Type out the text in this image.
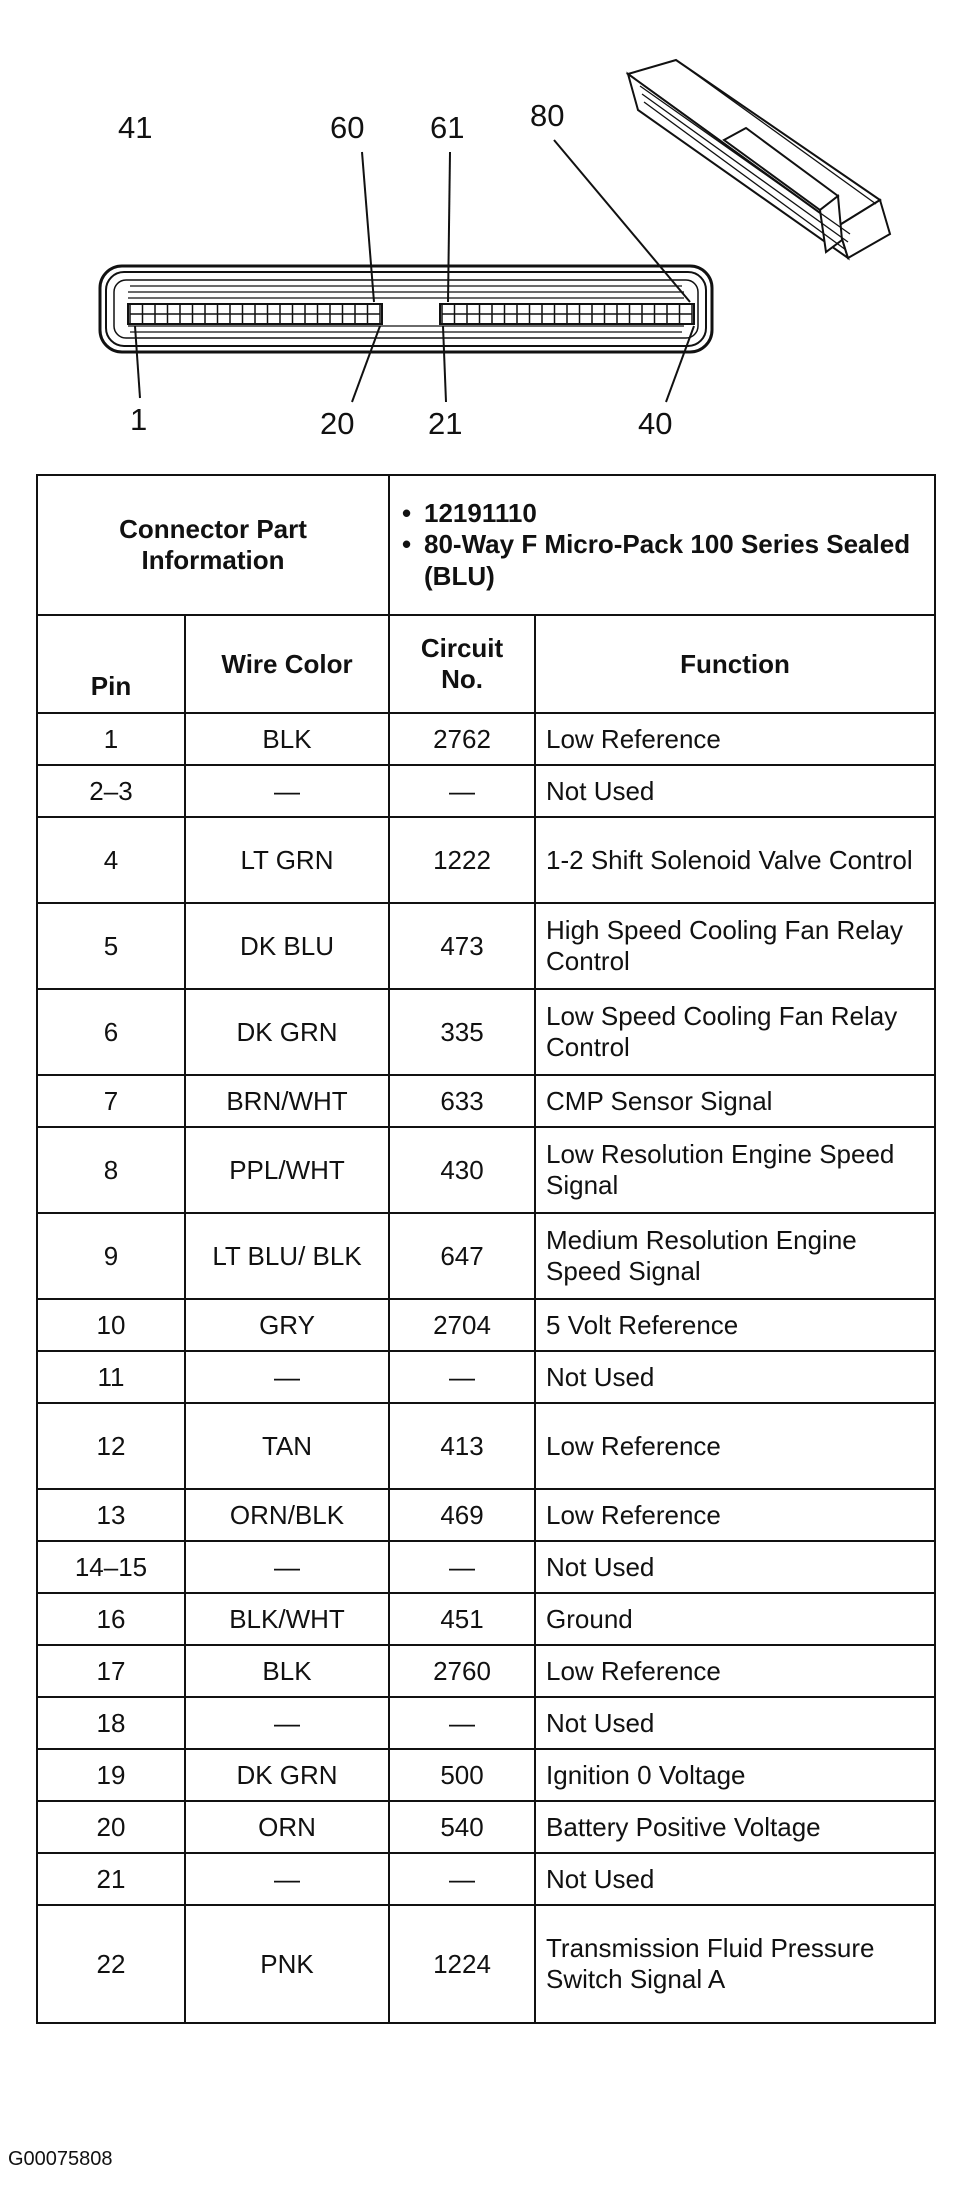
41	60 61 80
1	20 21	40
Connector Part Information		• 12191110
• 80-Way F Micro-Pack 100 Series Sealed (BLU)	

Pin	Wire Color	Circuit No.	Function
1	BLK	2762	Low Reference
2–3	—	—	Not Used
4	LT GRN	1222	1-2 Shift Solenoid Valve Control
5	DK BLU	473	High Speed Cooling Fan Relay Control
6	DK GRN	335	Low Speed Cooling Fan Relay Control
7	BRN/WHT	633	CMP Sensor Signal
8	PPL/WHT	430	Low Resolution Engine Speed Signal
9	LT BLU/ BLK	647	Medium Resolution Engine Speed Signal
10	GRY	2704	5 Volt Reference
11	—	—	Not Used
12	TAN	413	Low Reference
13	ORN/BLK	469	Low Reference
14–15	—	—	Not Used
16	BLK/WHT	451	Ground
17	BLK	2760	Low Reference
18	—	—	Not Used
19	DK GRN	500	Ignition 0 Voltage
20	ORN	540	Battery Positive Voltage
21	—	—	Not Used
22	PNK	1224	Transmission Fluid Pressure Switch Signal A
G00075808
